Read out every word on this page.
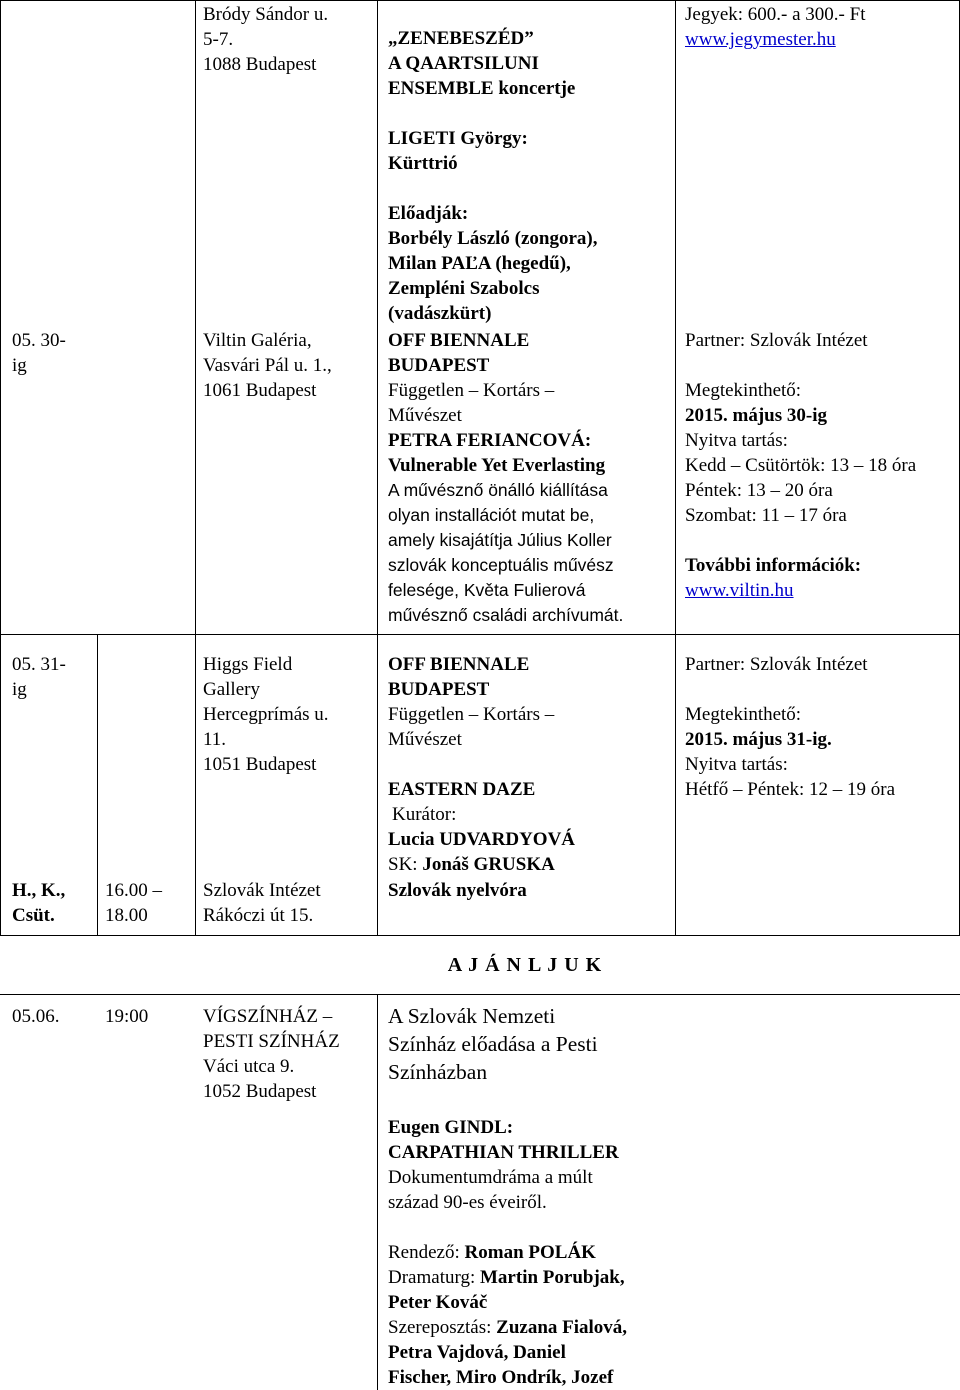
Bródy Sándor u.
5-7.
1088 Budapest
„ZENEBESZÉD”
A QAARTSILUNI
ENSEMBLE koncertje

LIGETI György:
Kürttrió

Előadják:
Borbély László (zongora),
Milan PAĽA (hegedű),
Zempléni Szabolcs
(vadászkürt)
Jegyek: 600.- a 300.- Ft
www.jegymester.hu
05. 30-
ig
Viltin Galéria,
Vasvári Pál u. 1.,
1061 Budapest
OFF BIENNALE
BUDAPEST
Független – Kortárs –
Művészet
PETRA FERIANCOVÁ:
Vulnerable Yet Everlasting
A művésznő önálló kiállítása
olyan installációt mutat be,
amely kisajátítja Július Koller
szlovák konceptuális művész
felesége, Květa Fulierová
művésznő családi archívumát.
Partner: Szlovák Intézet
Megtekinthető:
2015. május 30-ig
Nyitva tartás:
Kedd – Csütörtök: 13 – 18 óra
Péntek: 13 – 20 óra
Szombat: 11 – 17 óra
További információk:
www.viltin.hu
05. 31-
ig
Higgs Field
Gallery
Hercegprímás u.
11.
1051 Budapest
OFF BIENNALE
BUDAPEST
Független – Kortárs –
Művészet
EASTERN DAZE
Kurátor:
Lucia UDVARDYOVÁ
SK: Jonáš GRUSKA
Partner: Szlovák Intézet
Megtekinthető:
2015. május 31-ig.
Nyitva tartás:
Hétfő – Péntek: 12 – 19 óra
H., K.,
Csüt.
16.00 –
18.00
Szlovák Intézet
Rákóczi út 15.
Szlovák nyelvóra
A J Á N L J U K
05.06. 19:00	VÍGSZÍNHÁZ –
PESTI SZÍNHÁZ
Váci utca 9.
1052 Budapest
A Szlovák Nemzeti
Színház előadása a Pesti
Színházban
Eugen GINDL:
CARPATHIAN THRILLER
Dokumentumdráma a múlt
század 90-es éveiről.
Rendező: Roman POLÁK
Dramaturg: Martin Porubjak,
Peter Kováč
Szereposztás: Zuzana Fialová,
Petra Vajdová, Daniel
Fischer, Miro Ondrík, Jozef
